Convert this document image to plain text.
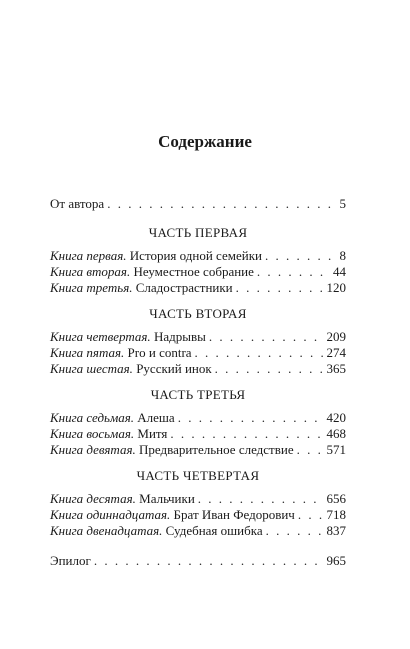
Содержание
От автора . . .	5
ЧАСТЬ ПЕРВАЯ
Книга первая. История одной семейки . . .	8
Книга вторая. Неуместное собрание . . .	44
Книга третья. Сладострастники . . .	120
ЧАСТЬ ВТОРАЯ
Книга четвертая. Надрывы . . .	209
Книга пятая. Pro и contra . . .	274
Книга шестая. Русский инок . . .	365
ЧАСТЬ ТРЕТЬЯ
Книга седьмая. Алеша . . .	420
Книга восьмая. Митя . . .	468
Книга девятая. Предварительное следствие . . .	571
ЧАСТЬ ЧЕТВЕРТАЯ
Книга десятая. Мальчики . . .	656
Книга одиннадцатая. Брат Иван Федорович . . . 718
Книга двенадцатая. Судебная ошибка . . .	837
Эпилог . . .	965
